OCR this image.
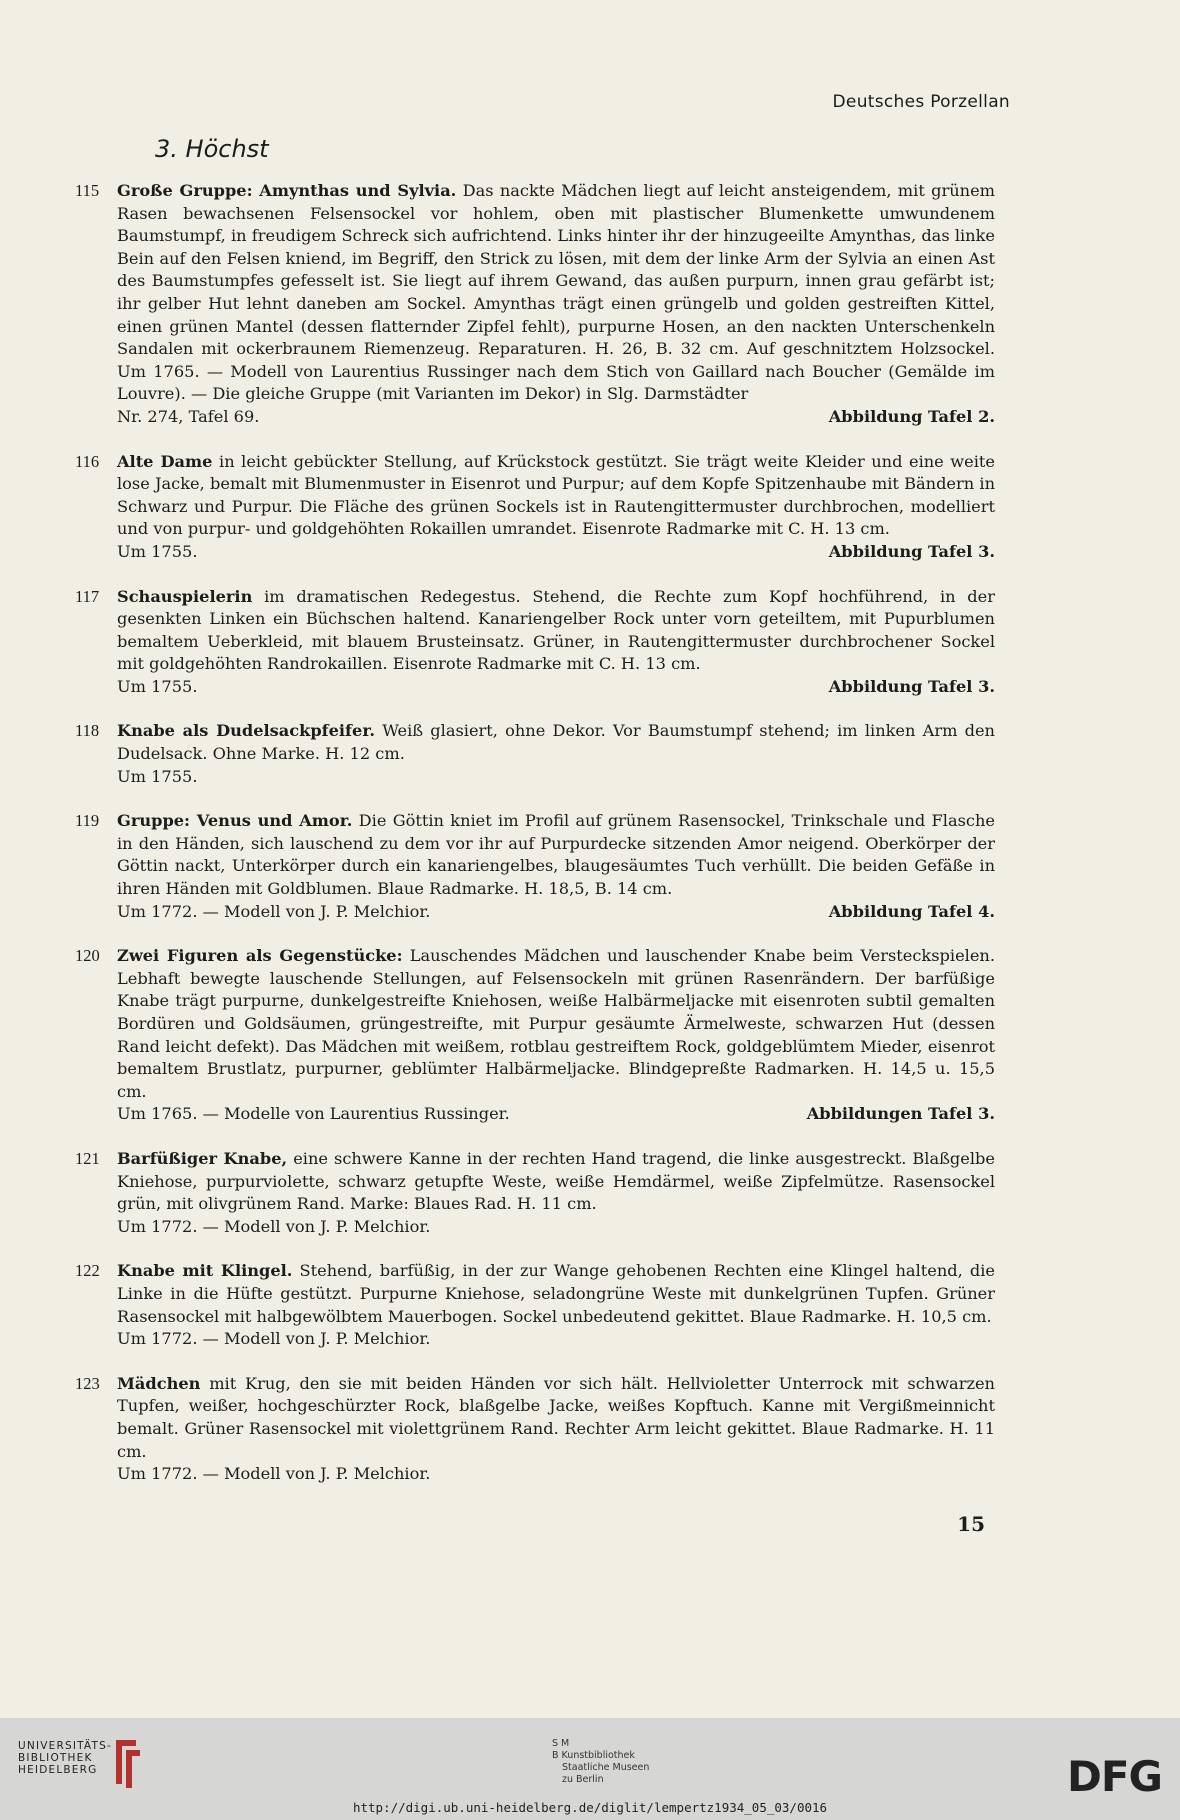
Deutsches Porzellan
3. Höchst
115	Große Gruppe: Amynthas und Sylvia. Das nackte Mädchen liegt auf leicht ansteigendem, mit grünem Rasen bewachsenen Felsensockel vor hohlem, oben mit plastischer Blumenkette umwundenem Baumstumpf, in freudigem Schreck sich aufrichtend. Links hinter ihr der hinzugeeilte Amynthas, das linke Bein auf den Felsen kniend, im Begriff, den Strick zu lösen, mit dem der linke Arm der Sylvia an einen Ast des Baumstumpfes gefesselt ist. Sie liegt auf ihrem Gewand, das außen purpurn, innen grau gefärbt ist; ihr gelber Hut lehnt daneben am Sockel. Amynthas trägt einen grüngelb und golden gestreiften Kittel, einen grünen Mantel (dessen flatternder Zipfel fehlt), purpurne Hosen, an den nackten Unterschenkeln Sandalen mit ockerbraunem Riemenzeug. Reparaturen. H. 26, B. 32 cm. Auf geschnitztem Holzsockel. Um 1765. — Modell von Laurentius Russinger nach dem Stich von Gaillard nach Boucher (Gemälde im Louvre). — Die gleiche Gruppe (mit Varianten im Dekor) in Slg. Darmstädter
Nr. 274, Tafel 69.	Abbildung Tafel 2.
116	Alte Dame in leicht gebückter Stellung, auf Krückstock gestützt. Sie trägt weite Kleider und eine weite lose Jacke, bemalt mit Blumenmuster in Eisenrot und Purpur; auf dem Kopfe Spitzenhaube mit Bändern in Schwarz und Purpur. Die Fläche des grünen Sockels ist in Rautengittermuster durchbrochen, modelliert und von purpur- und goldgehöhten Rokaillen umrandet. Eisenrote Radmarke mit C. H. 13 cm.
Um 1755.	Abbildung Tafel 3.
117	Schauspielerin im dramatischen Redegestus. Stehend, die Rechte zum Kopf hochführend, in der gesenkten Linken ein Büchschen haltend. Kanariengelber Rock unter vorn geteiltem, mit Pupurblumen bemaltem Ueberkleid, mit blauem Brusteinsatz. Grüner, in Rautengittermuster durchbrochener Sockel mit goldgehöhten Randrokaillen. Eisenrote Radmarke mit C. H. 13 cm.
Um 1755.	Abbildung Tafel 3.
118	Knabe als Dudelsackpfeifer. Weiß glasiert, ohne Dekor. Vor Baumstumpf stehend; im linken Arm den Dudelsack. Ohne Marke. H. 12 cm.
Um 1755.
119	Gruppe: Venus und Amor. Die Göttin kniet im Profil auf grünem Rasensockel, Trinkschale und Flasche in den Händen, sich lauschend zu dem vor ihr auf Purpurdecke sitzenden Amor neigend. Oberkörper der Göttin nackt, Unterkörper durch ein kanariengelbes, blaugesäumtes Tuch verhüllt. Die beiden Gefäße in ihren Händen mit Goldblumen. Blaue Radmarke. H. 18,5, B. 14 cm.
Um 1772. — Modell von J. P. Melchior.	Abbildung Tafel 4.
120	Zwei Figuren als Gegenstücke: Lauschendes Mädchen und lauschender Knabe beim Versteckspielen. Lebhaft bewegte lauschende Stellungen, auf Felsensockeln mit grünen Rasenrändern. Der barfüßige Knabe trägt purpurne, dunkelgestreifte Kniehosen, weiße Halbärmeljacke mit eisenroten subtil gemalten Bordüren und Goldsäumen, grüngestreifte, mit Purpur gesäumte Ärmelweste, schwarzen Hut (dessen Rand leicht defekt). Das Mädchen mit weißem, rotblau gestreiftem Rock, goldgeblümtem Mieder, eisenrot bemaltem Brustlatz, purpurner, geblümter Halbärmeljacke. Blindgepreßte Radmarken. H. 14,5 u. 15,5 cm.
Um 1765. — Modelle von Laurentius Russinger.	Abbildungen Tafel 3.
121	Barfüßiger Knabe, eine schwere Kanne in der rechten Hand tragend, die linke ausgestreckt. Blaßgelbe Kniehose, purpurviolette, schwarz getupfte Weste, weiße Hemdärmel, weiße Zipfelmütze. Rasensockel grün, mit olivgrünem Rand. Marke: Blaues Rad. H. 11 cm.
Um 1772. — Modell von J. P. Melchior.
122	Knabe mit Klingel. Stehend, barfüßig, in der zur Wange gehobenen Rechten eine Klingel haltend, die Linke in die Hüfte gestützt. Purpurne Kniehose, seladongrüne Weste mit dunkelgrünen Tupfen. Grüner Rasensockel mit halbgewölbtem Mauerbogen. Sockel unbedeutend gekittet. Blaue Radmarke. H. 10,5 cm.
Um 1772. — Modell von J. P. Melchior.
123	Mädchen mit Krug, den sie mit beiden Händen vor sich hält. Hellvioletter Unterrock mit schwarzen Tupfen, weißer, hochgeschürzter Rock, blaßgelbe Jacke, weißes Kopftuch. Kanne mit Vergißmeinnicht bemalt. Grüner Rasensockel mit violettgrünem Rand. Rechter Arm leicht gekittet. Blaue Radmarke. H. 11 cm.
Um 1772. — Modell von J. P. Melchior.
15
UNIVERSITÄTS-
BIBLIOTHEK
HEIDELBERG
S M
B Kunstbibliothek
Staatliche Museen
zu Berlin	DFG
http://digi.ub.uni-heidelberg.de/diglit/lempertz1934_05_03/0016
